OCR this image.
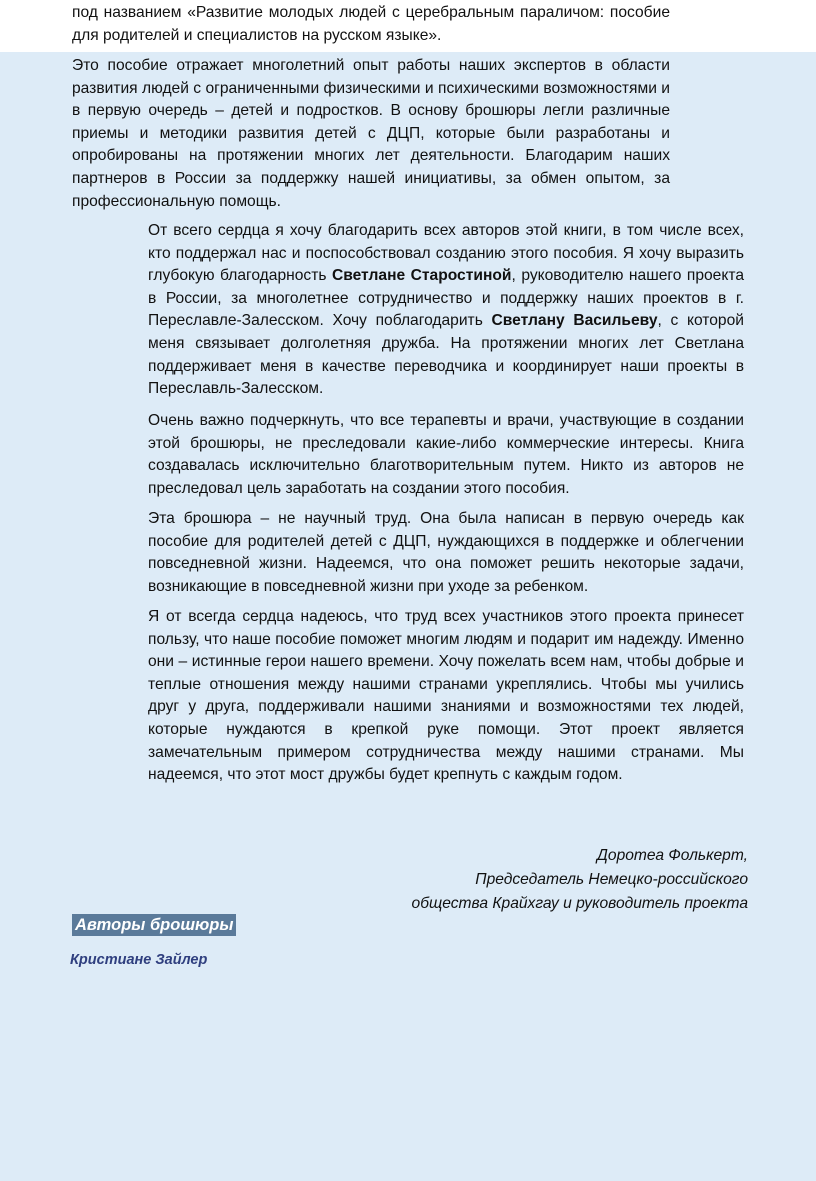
под названием «Развитие молодых людей с церебральным параличом: пособие для родителей и специалистов на русском языке».

Это пособие отражает многолетний опыт работы наших экспертов в области развития людей с ограниченными физическими и психическими возможностями и в первую очередь – детей и подростков. В основу брошюры легли различные приемы и методики развития детей с ДЦП, которые были разработаны и опробированы на протяжении многих лет деятельности. Благодарим наших партнеров в России за поддержку нашей инициативы, за обмен опытом, за профессиональную помощь.

От всего сердца я хочу благодарить всех авторов этой книги, в том числе всех, кто поддержал нас и поспособствовал созданию этого пособия. Я хочу выразить глубокую благодарность Светлане Старостиной, руководителю нашего проекта в России, за многолетнее сотрудничество и поддержку наших проектов в г. Переславле-Залесском. Хочу поблагодарить Светлану Васильеву, с которой меня связывает долголетняя дружба. На протяжении многих лет Светлана поддерживает меня в качестве переводчика и координирует наши проекты в Переславль-Залесском.

Очень важно подчеркнуть, что все терапевты и врачи, участвующие в создании этой брошюры, не преследовали какие-либо коммерческие интересы. Книга создавалась исключительно благотворительным путем. Никто из авторов не преследовал цель заработать на создании этого пособия.

Эта брошюра – не научный труд. Она была написан в первую очередь как пособие для родителей детей с ДЦП, нуждающихся в поддержке и облегчении повседневной жизни. Надеемся, что она поможет решить некоторые задачи, возникающие в повседневной жизни при уходе за ребенком.

Я от всегда сердца надеюсь, что труд всех участников этого проекта принесет пользу, что наше пособие поможет многим людям и подарит им надежду. Именно они – истинные герои нашего времени. Хочу пожелать всем нам, чтобы добрые и теплые отношения между нашими странами укреплялись. Чтобы мы учились друг у друга, поддерживали нашими знаниями и возможностями тех людей, которые нуждаются в крепкой руке помощи. Этот проект является замечательным примером сотрудничества между нашими странами. Мы надеемся, что этот мост дружбы будет крепнуть с каждым годом.

Доротеа Фолькерт,
Председатель Немецко-российского
общества Крайхгау и руководитель проекта

Авторы брошюры
Кристиане Зайлер
